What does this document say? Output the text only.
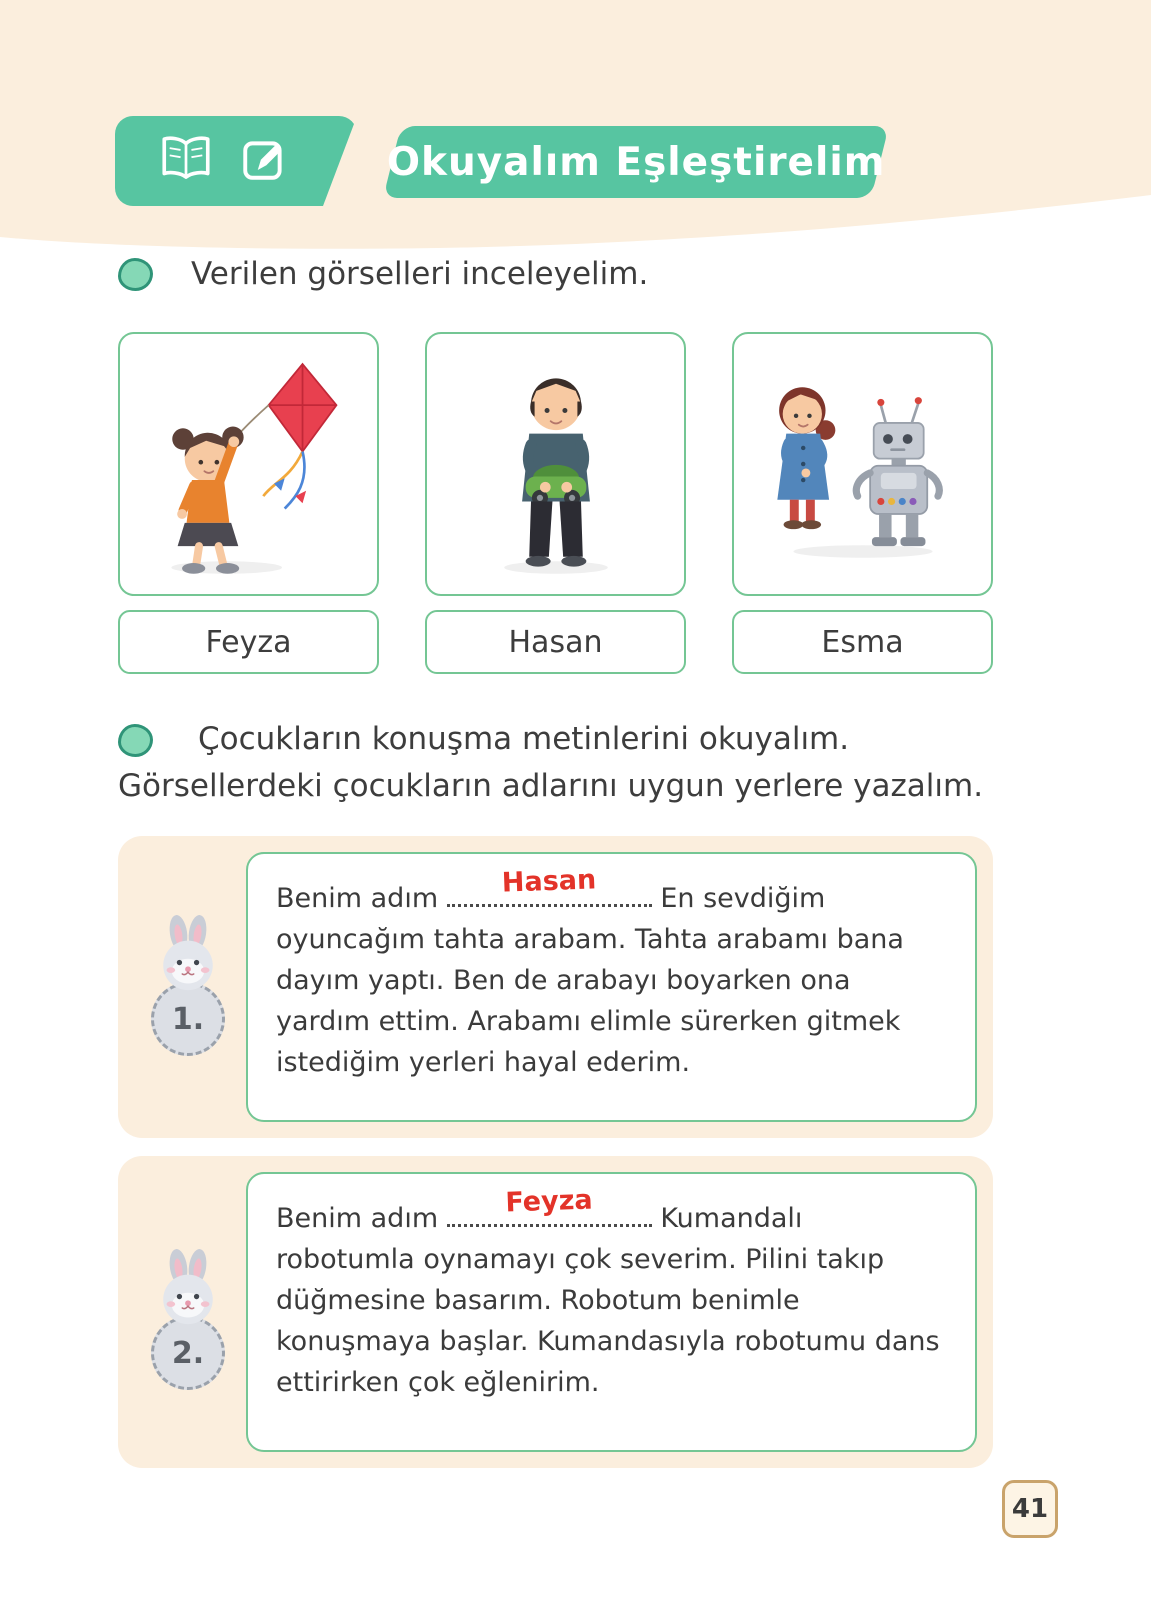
Okuyalım Eşleştirelim
Verilen görselleri inceleyelim.
Feyza	Hasan	Esma
Çocukların konuşma metinlerini okuyalım. Görsellerdeki çocukların adlarını uygun yerlere yazalım.
1.

Benim adım Hasan En sevdiğim oyuncağım tahta arabam. Tahta arabamı bana dayım yaptı. Ben de arabayı boyarken ona yardım ettim. Arabamı elimle sürerken gitmek istediğim yerleri hayal ederim.

2.

Benim adım
Feyza
Kumandalı robotumla oynamayı çok severim. Pilini takıp düğmesine basarım. Robotum benimle konuşmaya başlar. Kumandasıyla robotumu dans ettirirken çok eğlenirim.

41
